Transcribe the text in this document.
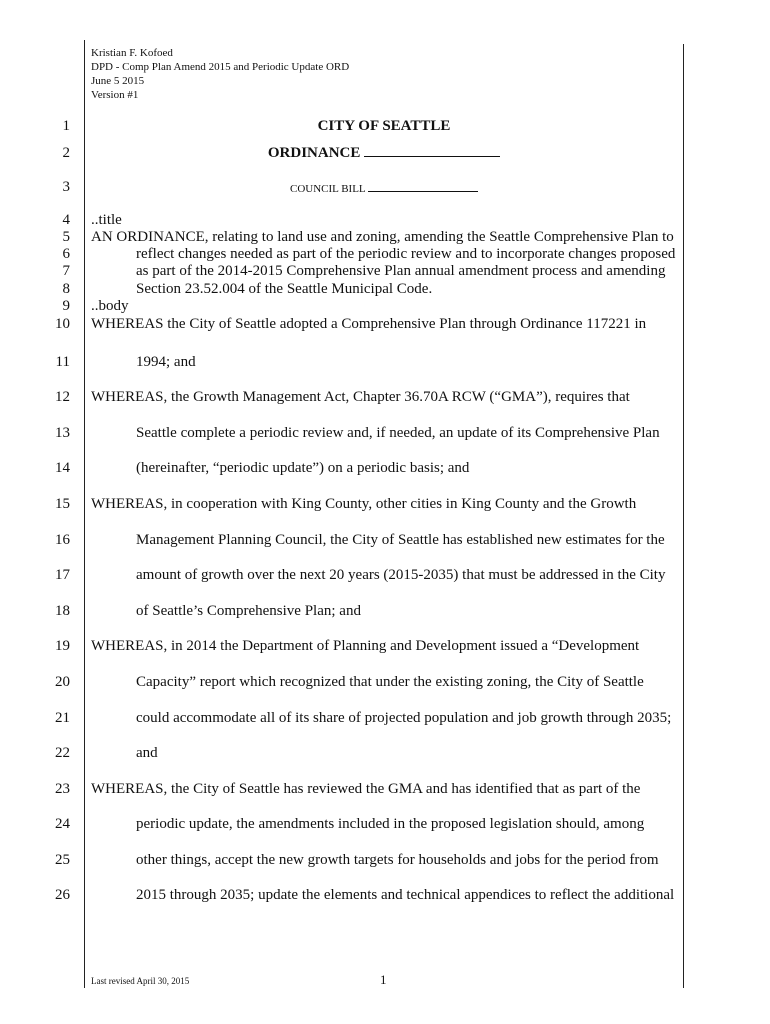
Kristian F. Kofoed
DPD - Comp Plan Amend 2015 and Periodic Update ORD
June 5 2015
Version #1
1
2
3
4
5
6
7
8
9
10
11
12
13
14
15
16
17
18
19
20
21
22
23
24
25
26
CITY OF SEATTLE
ORDINANCE
COUNCIL BILL
..title
AN ORDINANCE, relating to land use and zoning, amending the Seattle Comprehensive Plan to
reflect changes needed as part of the periodic review and to incorporate changes proposed
as part of the 2014-2015 Comprehensive Plan annual amendment process and amending
Section 23.52.004 of the Seattle Municipal Code.
..body
WHEREAS the City of Seattle adopted a Comprehensive Plan through Ordinance 117221 in
1994; and
WHEREAS, the Growth Management Act, Chapter 36.70A RCW (“GMA”), requires that
Seattle complete a periodic review and, if needed, an update of its Comprehensive Plan
(hereinafter, “periodic update”) on a periodic basis; and
WHEREAS, in cooperation with King County, other cities in King County and the Growth
Management Planning Council, the City of Seattle has established new estimates for the
amount of growth over the next 20 years (2015-2035) that must be addressed in the City
of Seattle’s Comprehensive Plan; and
WHEREAS, in 2014 the Department of Planning and Development issued a “Development
Capacity” report which recognized that under the existing zoning, the City of Seattle
could accommodate all of its share of projected population and job growth through 2035;
and
WHEREAS, the City of Seattle has reviewed the GMA and has identified that as part of the
periodic update, the amendments included in the proposed legislation should, among
other things, accept the new growth targets for households and jobs for the period from
2015 through 2035; update the elements and technical appendices to reflect the additional
Last revised April 30, 2015	1
